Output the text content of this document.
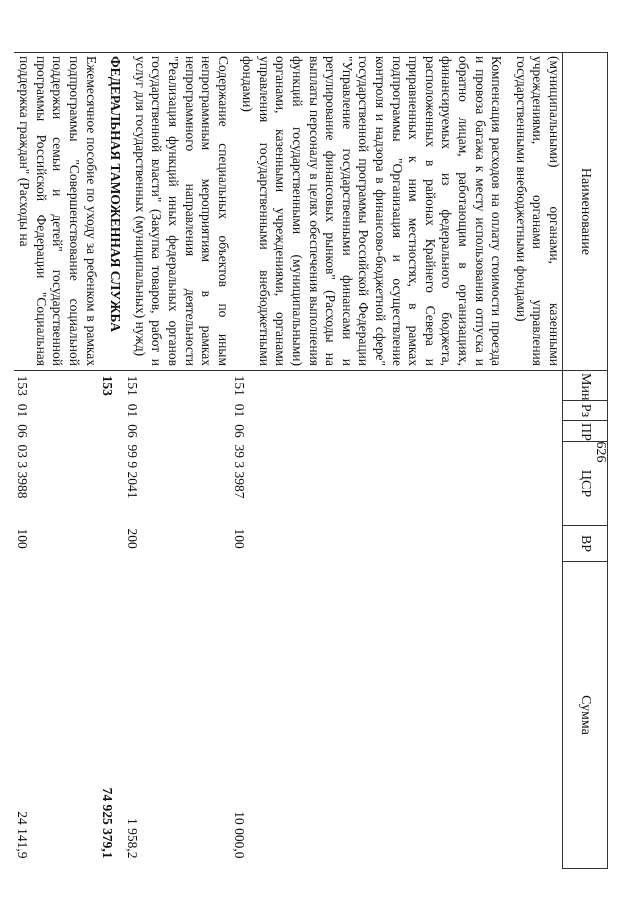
626
Наименование	Мин	Рз	ПР	ЦСР	ВР	Сумма
(муниципальными) органами, казенными учреждениями, органами управления государственными внебюджетными фондами)						
Компенсация расходов на оплату стоимости проезда и провоза багажа к месту использования отпуска и обратно лицам, работающим в организациях, финансируемых из федерального бюджета, расположенных в районах Крайнего Севера и приравненных к ним местностях, в рамках подпрограммы "Организация и осуществление контроля и надзора в финансово-бюджетной сфере" государственной программы Российской Федерации "Управление государственными финансами и регулирование финансовых рынков" (Расходы на выплаты персоналу в целях обеспечения выполнения функций государственными (муниципальными) органами, казенными учреждениями, органами управления государственными внебюджетными фондами)	151	01	06	39 3 3987	100	10 000,0
Содержание специальных объектов по иным непрограммным мероприятиям в рамках непрограммного направления деятельности "Реализация функций иных федеральных органов государственной власти" (Закупка товаров, работ и услуг для государственных (муниципальных) нужд)	151	01	06	99 9 2041	200	1 958,2
ФЕДЕРАЛЬНАЯ ТАМОЖЕННАЯ СЛУЖБА	153					74 925 379,1
Ежемесячное пособие по уходу за ребенком в рамках подпрограммы "Совершенствование социальной поддержки семьи и детей" государственной программы Российской Федерации "Социальная поддержка граждан" (Расходы на	153	01	06	03 3 3988	100	24 141,9
